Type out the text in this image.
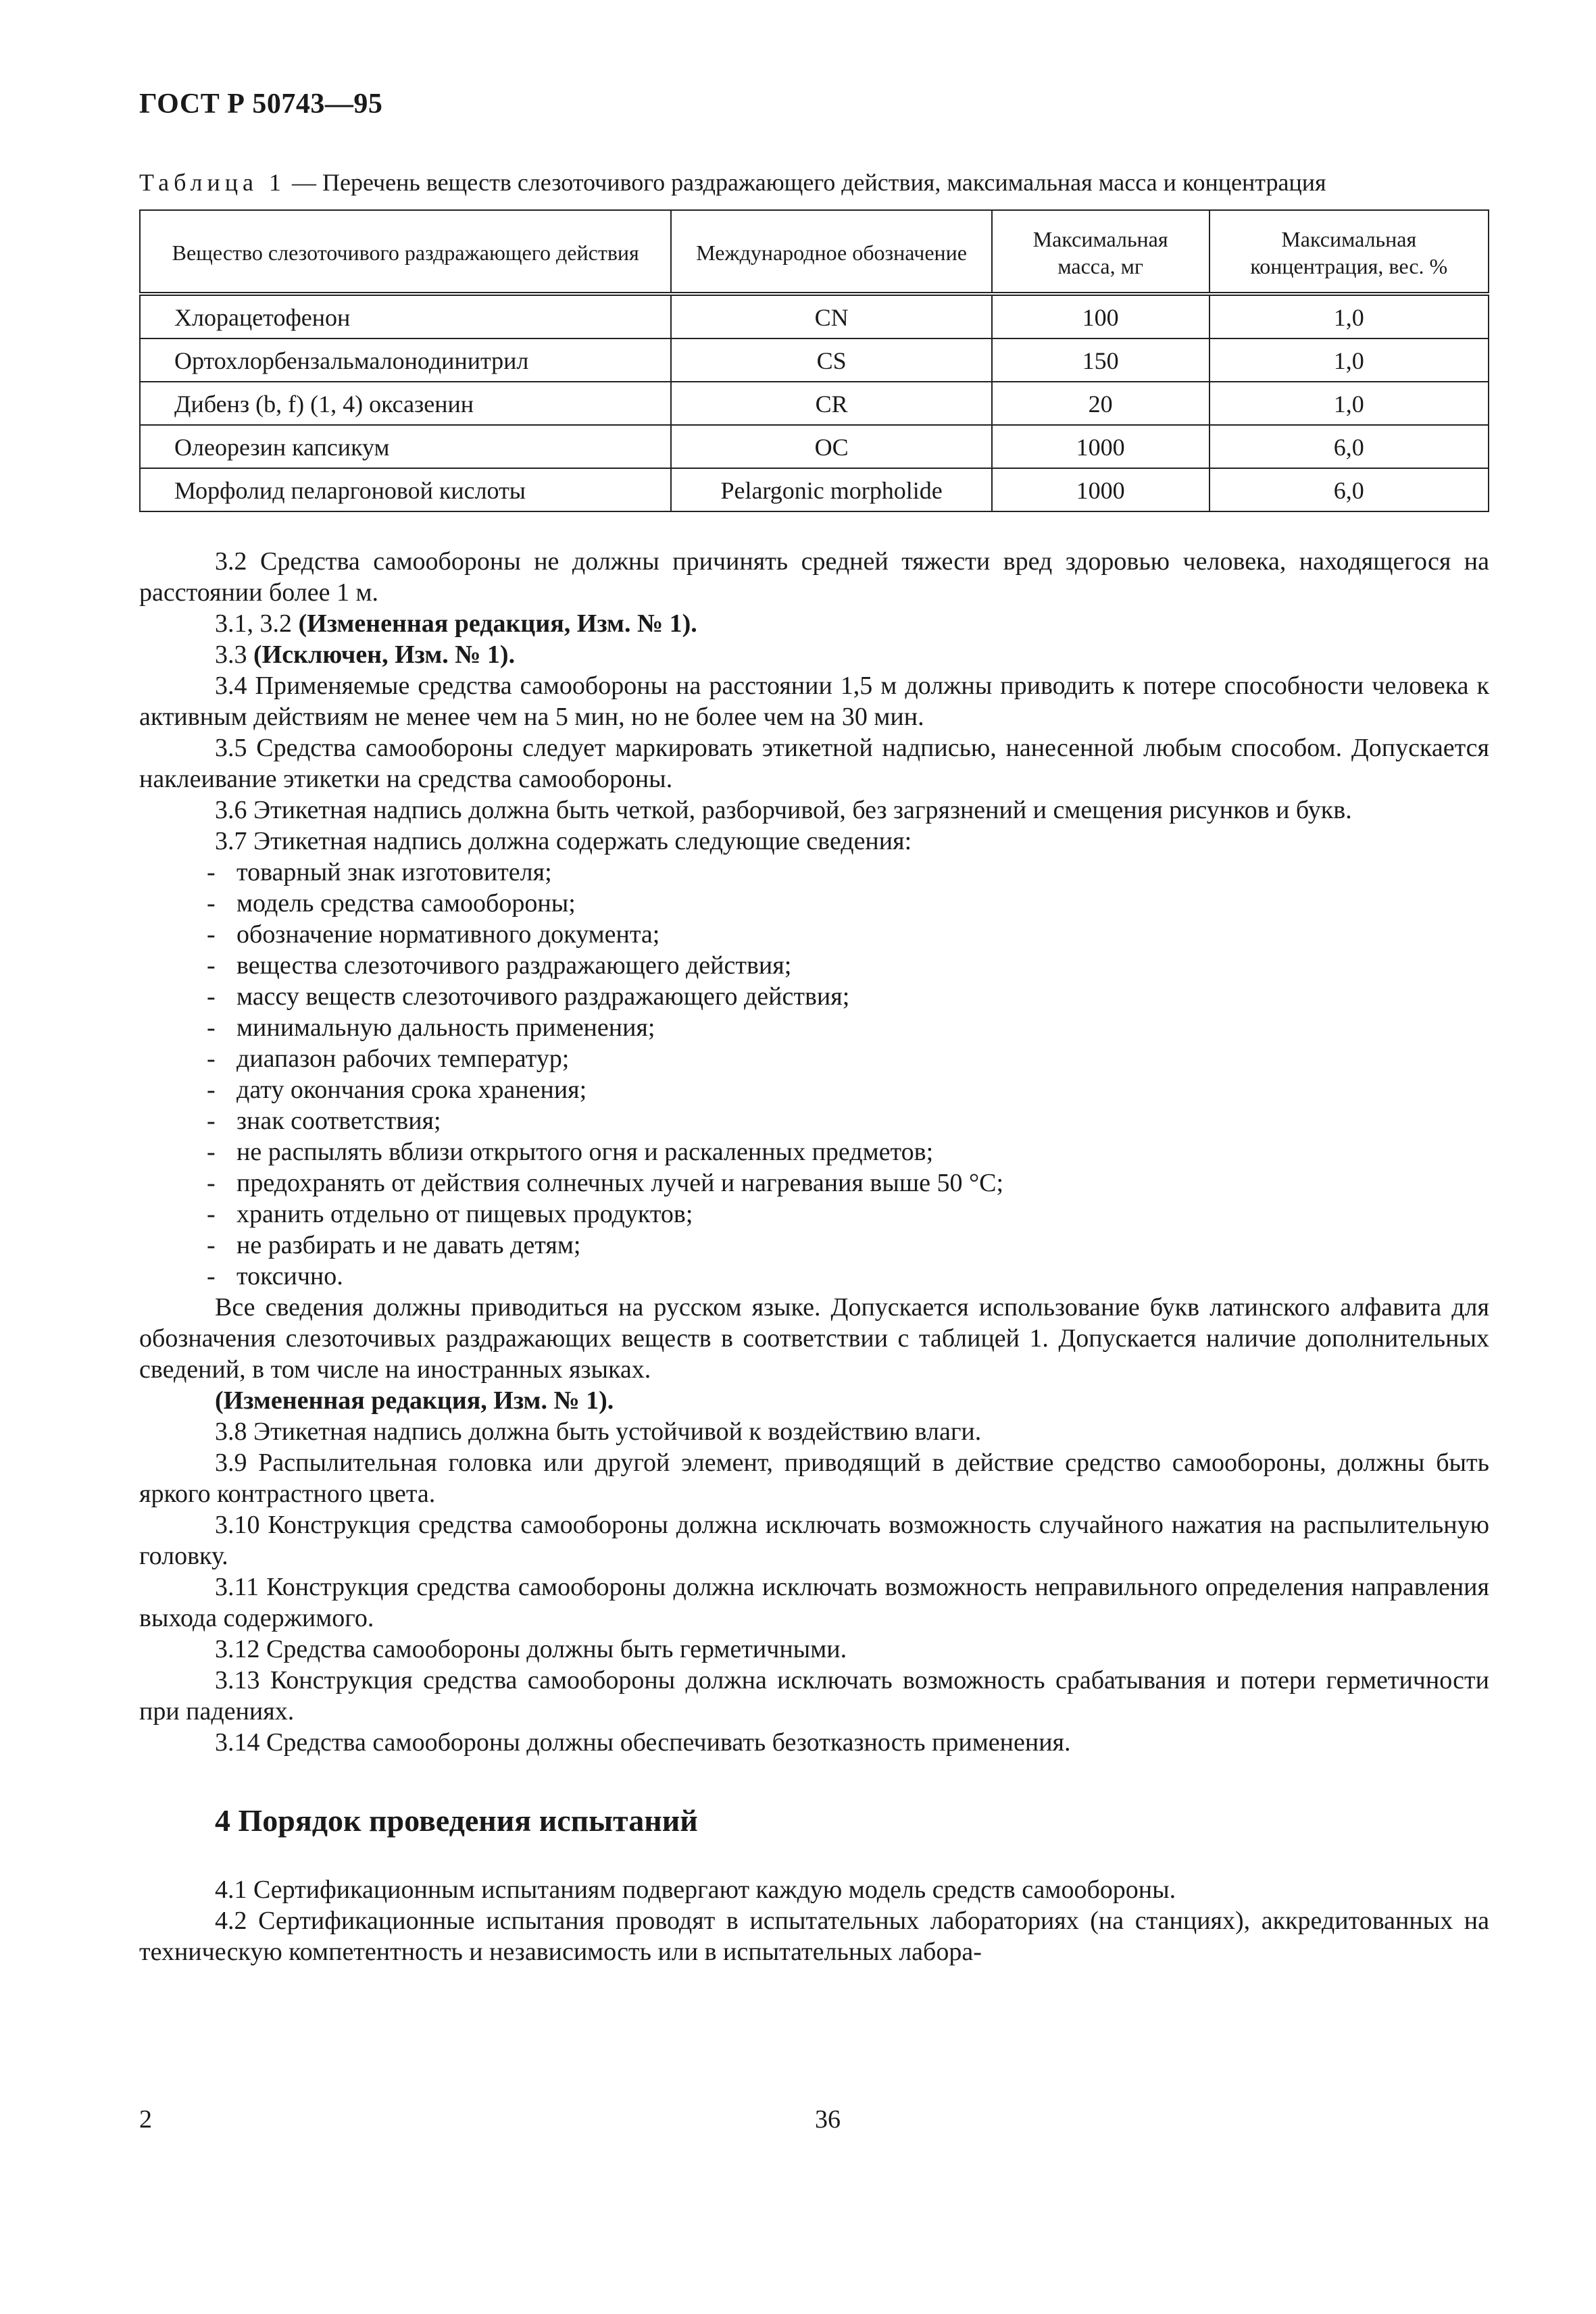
ГОСТ Р 50743—95
Таблица 1 — Перечень веществ слезоточивого раздражающего действия, максимальная масса и концентрация
Вещество слезоточивого раздражающего действия	Международное обозначение	Максимальная масса, мг	Максимальная концентрация, вес. %
Хлорацетофенон	CN	100	1,0
Ортохлорбензальмалонодинитрил	CS	150	1,0
Дибенз (b, f) (1, 4) оксазенин	CR	20	1,0
Олеорезин капсикум	OC	1000	6,0
Морфолид пеларгоновой кислоты	Pelargonic morpholide	1000	6,0

3.2 Средства самообороны не должны причинять средней тяжести вред здоровью человека, находящегося на расстоянии более 1 м.

3.1, 3.2 (Измененная редакция, Изм. № 1).

3.3 (Исключен, Изм. № 1).

3.4 Применяемые средства самообороны на расстоянии 1,5 м должны приводить к потере способности человека к активным действиям не менее чем на 5 мин, но не более чем на 30 мин.

3.5 Средства самообороны следует маркировать этикетной надписью, нанесенной любым способом. Допускается наклеивание этикетки на средства самообороны.

3.6 Этикетная надпись должна быть четкой, разборчивой, без загрязнений и смещения рисунков и букв.

3.7 Этикетная надпись должна содержать следующие сведения:

- товарный знак изготовителя;
- модель средства самообороны;
- обозначение нормативного документа;
- вещества слезоточивого раздражающего действия;
- массу веществ слезоточивого раздражающего действия;
- минимальную дальность применения;
- диапазон рабочих температур;
- дату окончания срока хранения;
- знак соответствия;
- не распылять вблизи открытого огня и раскаленных предметов;
- предохранять от действия солнечных лучей и нагревания выше 50 °С;
- хранить отдельно от пищевых продуктов;
- не разбирать и не давать детям;
- токсично.

Все сведения должны приводиться на русском языке. Допускается использование букв латинского алфавита для обозначения слезоточивых раздражающих веществ в соответствии с таблицей 1. Допускается наличие дополнительных сведений, в том числе на иностранных языках.

(Измененная редакция, Изм. № 1).

3.8 Этикетная надпись должна быть устойчивой к воздействию влаги.

3.9 Распылительная головка или другой элемент, приводящий в действие средство самообороны, должны быть яркого контрастного цвета.

3.10 Конструкция средства самообороны должна исключать возможность случайного нажатия на распылительную головку.

3.11 Конструкция средства самообороны должна исключать возможность неправильного определения направления выхода содержимого.

3.12 Средства самообороны должны быть герметичными.

3.13 Конструкция средства самообороны должна исключать возможность срабатывания и потери герметичности при падениях.

3.14 Средства самообороны должны обеспечивать безотказность применения.

4 Порядок проведения испытаний

4.1 Сертификационным испытаниям подвергают каждую модель средств самообороны.

4.2 Сертификационные испытания проводят в испытательных лабораториях (на станциях), аккредитованных на техническую компетентность и независимость или в испытательных лабора-

2	36
